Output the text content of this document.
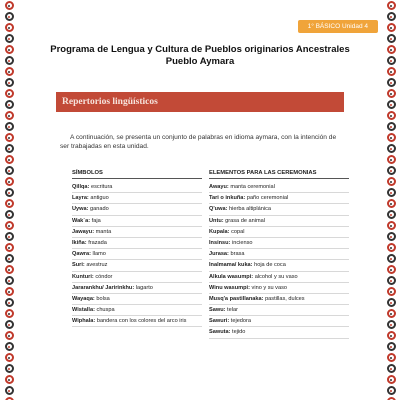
1° BÁSICO Unidad 4
Programa de Lengua y Cultura de Pueblos originarios Ancestrales
Pueblo Aymara
Repertorios lingüísticos
A continuación, se presenta un conjunto de palabras en idioma aymara, con la intención de ser trabajadas en esta unidad.
SÍMBOLOS
Qillqa: escritura
Layra: antiguo
Uywa: ganado
Wak´a: faja
Jawayu: manta
Ikiña: frazada
Qawra: llamo
Suri: avestruz
Kunturi: cóndor
Jararankhu/ Jaririnkhu: lagarto
Wayaqa: bolsa
Wistalla: chuspa
Wiphala: bandera con los colores del arco iris
ELEMENTOS PARA LAS CEREMONIAS
Awayu: manta ceremonial
Tari o inkuña: paño ceremonial
Q'uwa: hierba altiplánica
Untu: grasa de animal
Kupala: copal
Insinsu: incienso
Jurasa: brasa
Inalmama/ kuka: hoja de coca
Alkula wasumpi: alcohol y su vaso
Winu wasumpi: vino y su vaso
Musq'a pastillanaka: pastillas, dulces
Sawu: telar
Sawuri: tejedora
Sawuta: tejido
